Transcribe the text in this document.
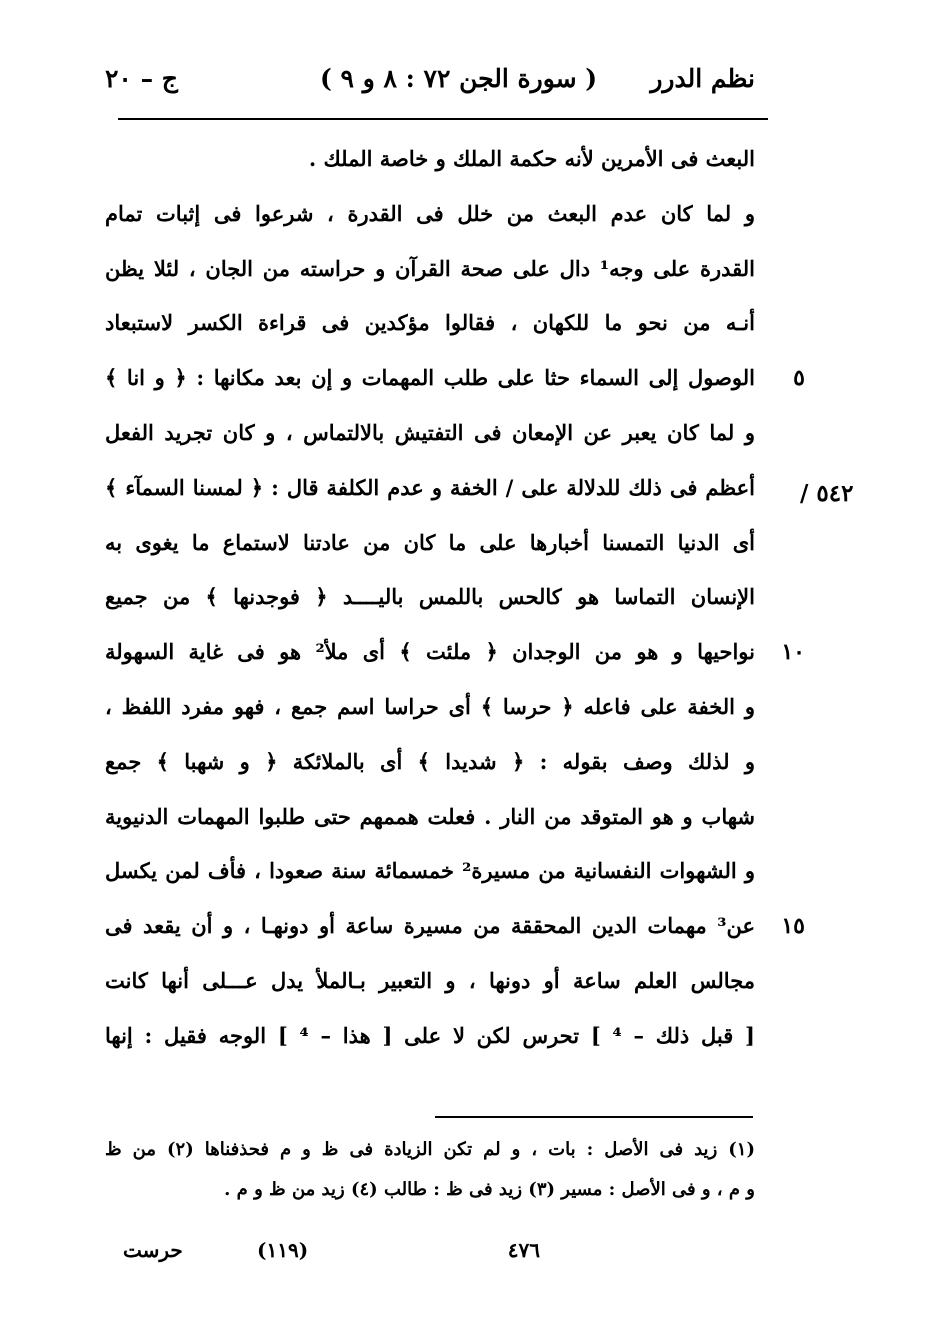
نظم الدرر
( سورة الجن ٧٢ : ٨ و ٩ )
ج – ٢٠
البعث فى الأمرين لأنه حكمة الملك و خاصة الملك .
و لما كان عدم البعث من خلل فى القدرة ، شرعوا فى إثبات تمام
القدرة على وجه¹ دال على صحة القرآن و حراسته من الجان ، لئلا يظن
أنـه من نحو ما للكهان ، فقالوا مؤكدين فى قراءة الكسر لاستبعاد
٥
الوصول إلى السماء حثا على طلب المهمات و إن بعد مكانها : ﴿ و انا ﴾
و لما كان يعبر عن الإمعان فى التفتيش بالالتماس ، و كان تجريد الفعل
أعظم فى ذلك للدلالة على / الخفة و عدم الكلفة قال : ﴿ لمسنا السمآء ﴾
أى الدنيا التمسنا أخبارها على ما كان من عادتنا لاستماع ما يغوى به
الإنسان التماسا هو كالحس باللمس باليــــد ﴿ فوجدنها ﴾ من جميع
١٠
نواحيها و هو من الوجدان ﴿ ملئت ﴾ أى ملأ² هو فى غاية السهولة
و الخفة على فاعله ﴿ حرسا ﴾ أى حراسا اسم جمع ، فهو مفرد اللفظ ،
و لذلك وصف بقوله : ﴿ شديدا ﴾ أى بالملائكة ﴿ و شهبا ﴾ جمع
شهاب و هو المتوقد من النار . فعلت هممهم حتى طلبوا المهمات الدنيوية
و الشهوات النفسانية من مسيرة² خمسمائة سنة صعودا ، فأف لمن يكسل
١٥
عن³ مهمات الدين المحققة من مسيرة ساعة أو دونهـا ، و أن يقعد فى
مجالس العلم ساعة أو دونها ، و التعبير بـالملأ يدل عـــلى أنها كانت
[ قبل ذلك – ⁴ ] تحرس لكن لا على [ هذا – ⁴ ] الوجه فقيل : إنها
٥٤٢ /
(١) زيد فى الأصل : بات ، و لم تكن الزيادة فى ظ و م فحذفناها (٢) من ظ
و م ، و فى الأصل : مسير (٣) زيد فى ظ : طالب (٤) زيد من ظ و م .
٤٧٦
(١١٩)
حرست
